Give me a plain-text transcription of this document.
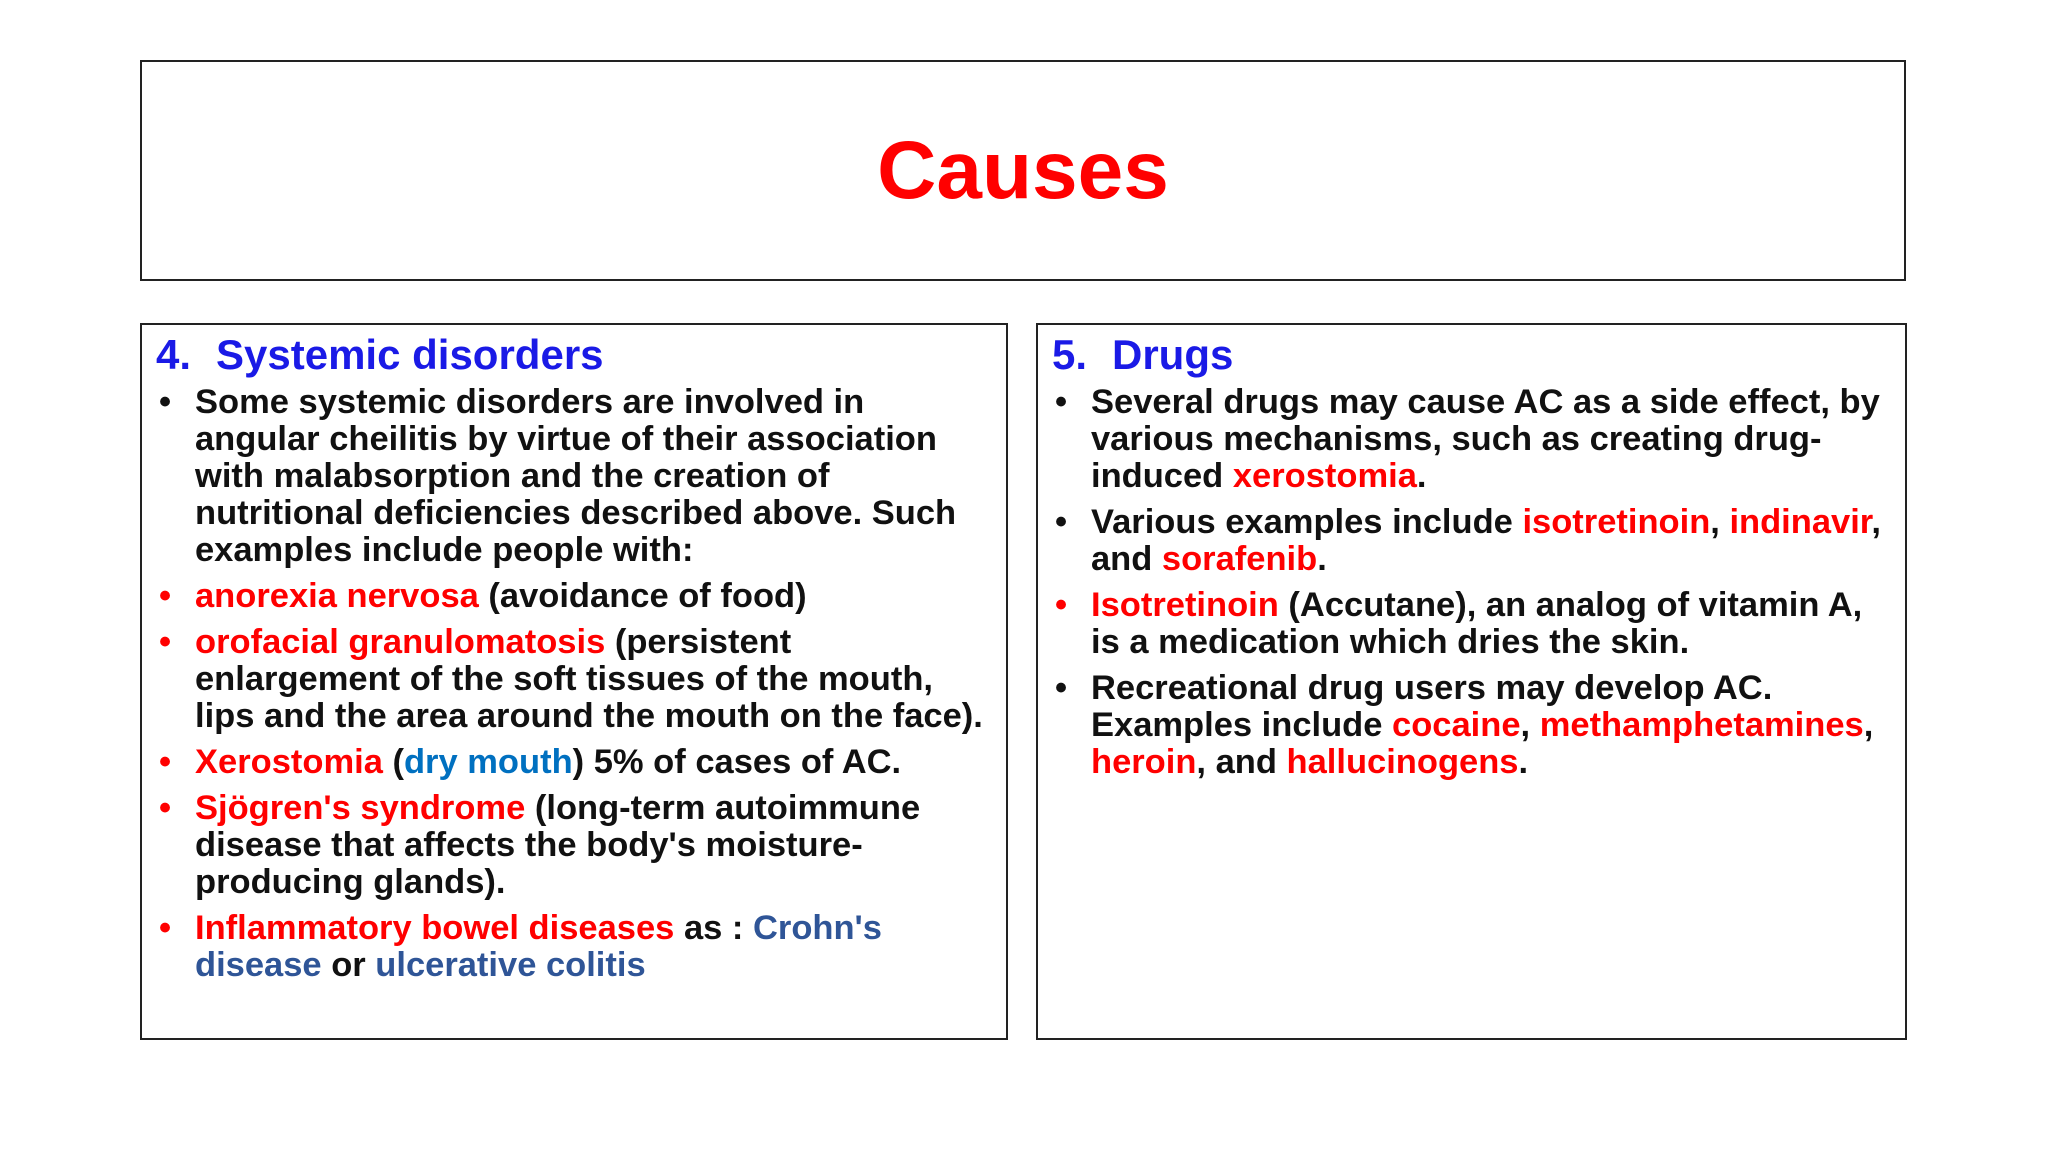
Causes
4. Systemic disorders
• Some systemic disorders are involved in angular cheilitis by virtue of their association with malabsorption and the creation of nutritional deficiencies described above. Such examples include people with:
• anorexia nervosa (avoidance of food)
• orofacial granulomatosis (persistent enlargement of the soft tissues of the mouth, lips and the area around the mouth on the face).
• Xerostomia (dry mouth) 5% of cases of AC.
• Sjögren's syndrome (long-term autoimmune disease that affects the body's moisture-producing glands).
• Inflammatory bowel diseases as : Crohn's disease or ulcerative colitis
5. Drugs
• Several drugs may cause AC as a side effect, by various mechanisms, such as creating drug-induced xerostomia.
• Various examples include isotretinoin, indinavir, and sorafenib.
• Isotretinoin (Accutane), an analog of vitamin A, is a medication which dries the skin.
• Recreational drug users may develop AC. Examples include cocaine, methamphetamines, heroin, and hallucinogens.
